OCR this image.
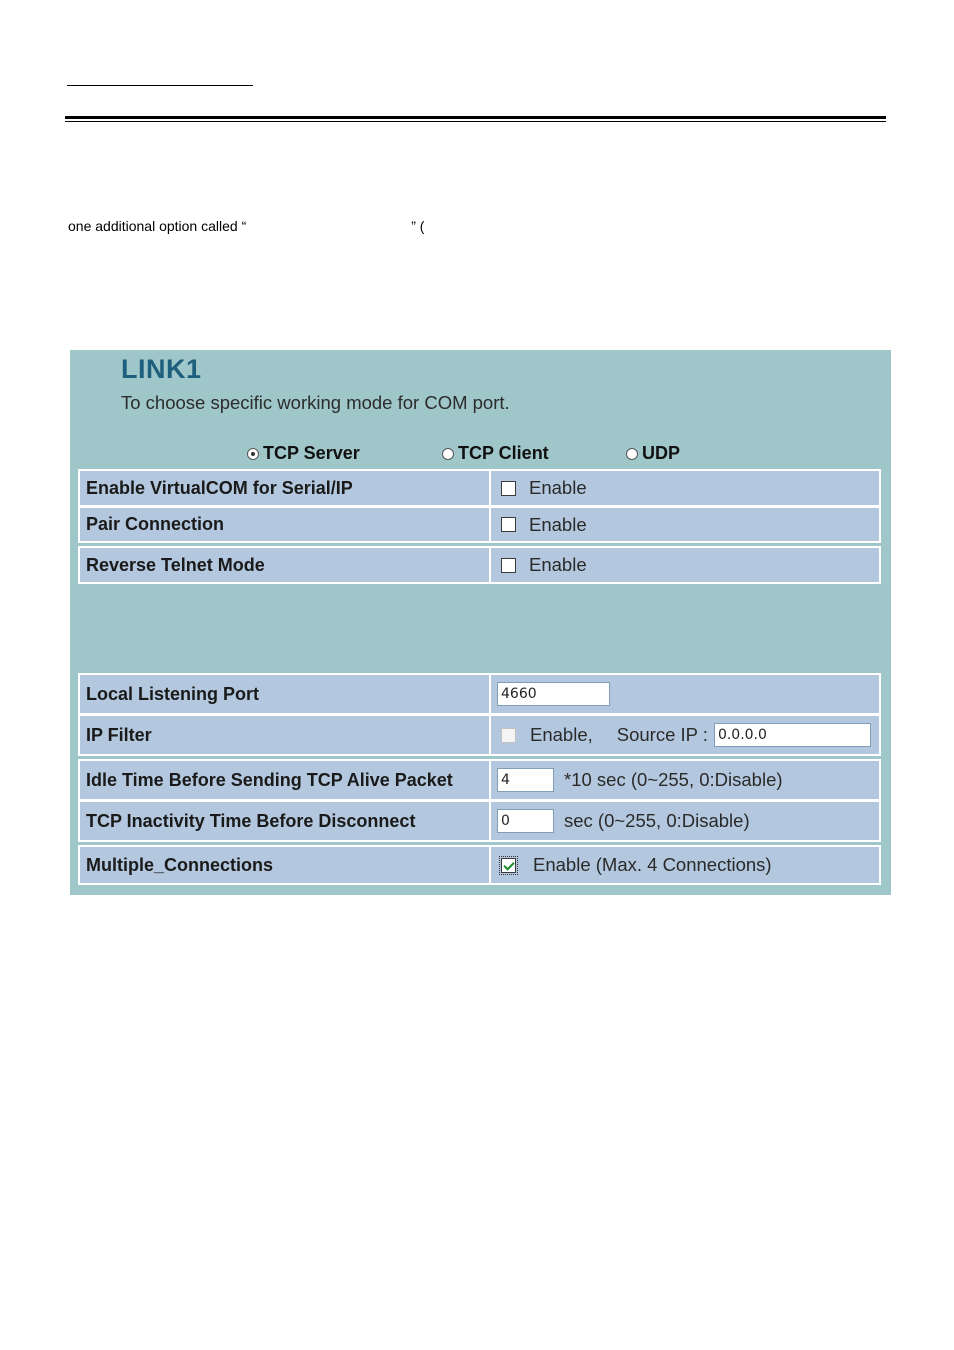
one additional option called “	” (
LINK1
To choose specific working mode for COM port.
TCP Server	TCP Client	UDP
Enable VirtualCOM for Serial/IP	Enable
Pair Connection	Enable
Reverse Telnet Mode	Enable
Local Listening Port	4660
IP Filter	Enable, Source IP : 0.0.0.0
Idle Time Before Sending TCP Alive Packet	4	*10 sec (0~255, 0:Disable)
TCP Inactivity Time Before Disconnect	0	sec (0~255, 0:Disable)
Multiple_Connections	Enable (Max. 4 Connections)
